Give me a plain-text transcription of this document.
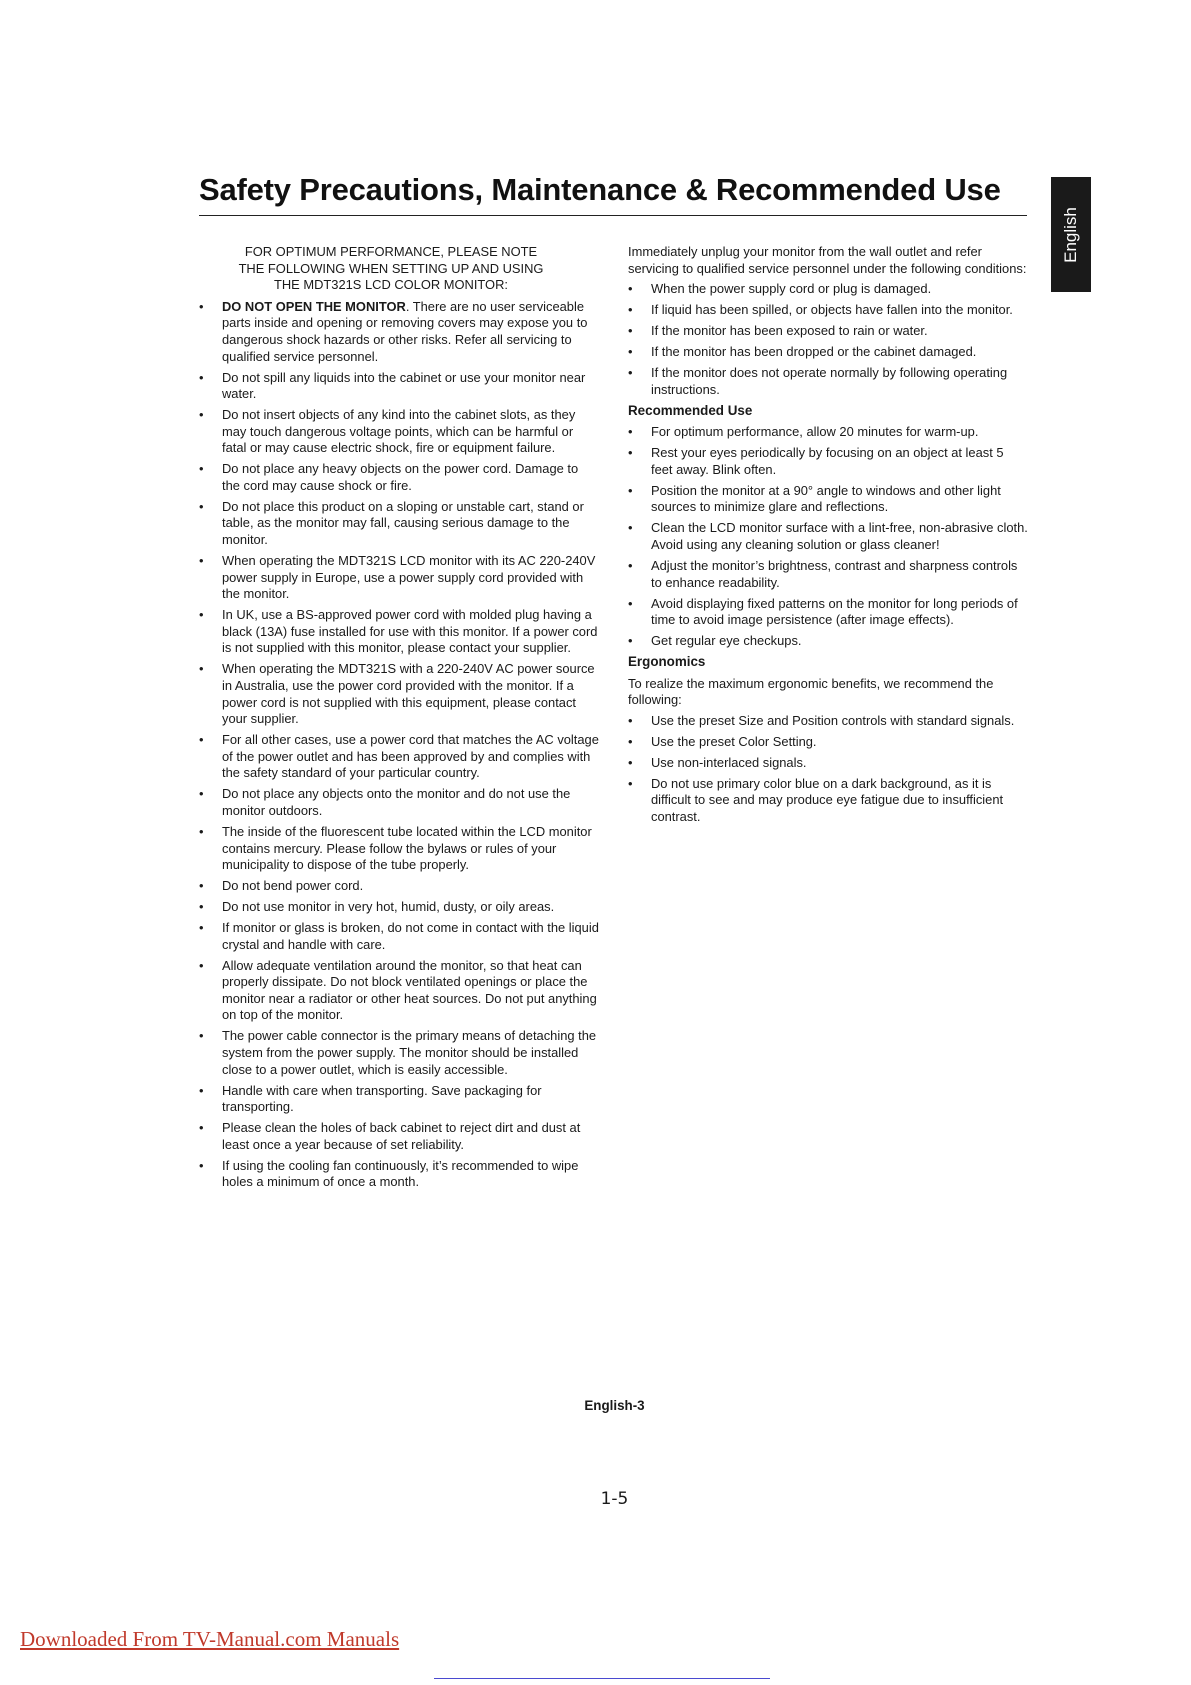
Safety Precautions, Maintenance & Recommended Use
English
FOR OPTIMUM PERFORMANCE, PLEASE NOTE
THE FOLLOWING WHEN SETTING UP AND USING
THE MDT321S LCD COLOR MONITOR:
•	DO NOT OPEN THE MONITOR. There are no user serviceable parts inside and opening or removing covers may expose you to dangerous shock hazards or other risks. Refer all servicing to qualified service personnel.
•	Do not spill any liquids into the cabinet or use your monitor near water.
•	Do not insert objects of any kind into the cabinet slots, as they may touch dangerous voltage points, which can be harmful or fatal or may cause electric shock, fire or equipment failure.
•	Do not place any heavy objects on the power cord. Damage to the cord may cause shock or fire.
•	Do not place this product on a sloping or unstable cart, stand or table, as the monitor may fall, causing serious damage to the monitor.
•	When operating the MDT321S LCD monitor with its AC 220-240V power supply in Europe, use a power supply cord provided with the monitor.
•	In UK, use a BS-approved power cord with molded plug having a black (13A) fuse installed for use with this monitor. If a power cord is not supplied with this monitor, please contact your supplier.
•	When operating the MDT321S with a 220-240V AC power source in Australia, use the power cord provided with the monitor. If a power cord is not supplied with this equipment, please contact your supplier.
•	For all other cases, use a power cord that matches the AC voltage of the power outlet and has been approved by and complies with the safety standard of your particular country.
•	Do not place any objects onto the monitor and do not use the monitor outdoors.
•	The inside of the fluorescent tube located within the LCD monitor contains mercury. Please follow the bylaws or rules of your municipality to dispose of the tube properly.
•	Do not bend power cord.
•	Do not use monitor in very hot, humid, dusty, or oily areas.
•	If monitor or glass is broken, do not come in contact with the liquid crystal and handle with care.
•	Allow adequate ventilation around the monitor, so that heat can properly dissipate. Do not block ventilated openings or place the monitor near a radiator or other heat sources. Do not put anything on top of the monitor.
•	The power cable connector is the primary means of detaching the system from the power supply. The monitor should be installed close to a power outlet, which is easily accessible.
•	Handle with care when transporting. Save packaging for transporting.
•	Please clean the holes of back cabinet to reject dirt and dust at least once a year because of set reliability.
•	If using the cooling fan continuously, it’s recommended to wipe holes a minimum of once a month.

Immediately unplug your monitor from the wall outlet and refer servicing to qualified service personnel under the following conditions:

•	When the power supply cord or plug is damaged.
•	If liquid has been spilled, or objects have fallen into the monitor.
•	If the monitor has been exposed to rain or water.
•	If the monitor has been dropped or the cabinet damaged.
•	If the monitor does not operate normally by following operating instructions.
Recommended Use
•	For optimum performance, allow 20 minutes for warm-up.
•	Rest your eyes periodically by focusing on an object at least 5 feet away. Blink often.
•	Position the monitor at a 90° angle to windows and other light sources to minimize glare and reflections.
•	Clean the LCD monitor surface with a lint-free, non-abrasive cloth. Avoid using any cleaning solution or glass cleaner!
•	Adjust the monitor’s brightness, contrast and sharpness controls to enhance readability.
•	Avoid displaying fixed patterns on the monitor for long periods of time to avoid image persistence (after image effects).
•	Get regular eye checkups.
Ergonomics

To realize the maximum ergonomic benefits, we recommend the following:

•	Use the preset Size and Position controls with standard signals.
•	Use the preset Color Setting.
•	Use non-interlaced signals.
•	Do not use primary color blue on a dark background, as it is difficult to see and may produce eye fatigue due to insufficient contrast.
English-3
1-5
Downloaded From TV-Manual.com Manuals
